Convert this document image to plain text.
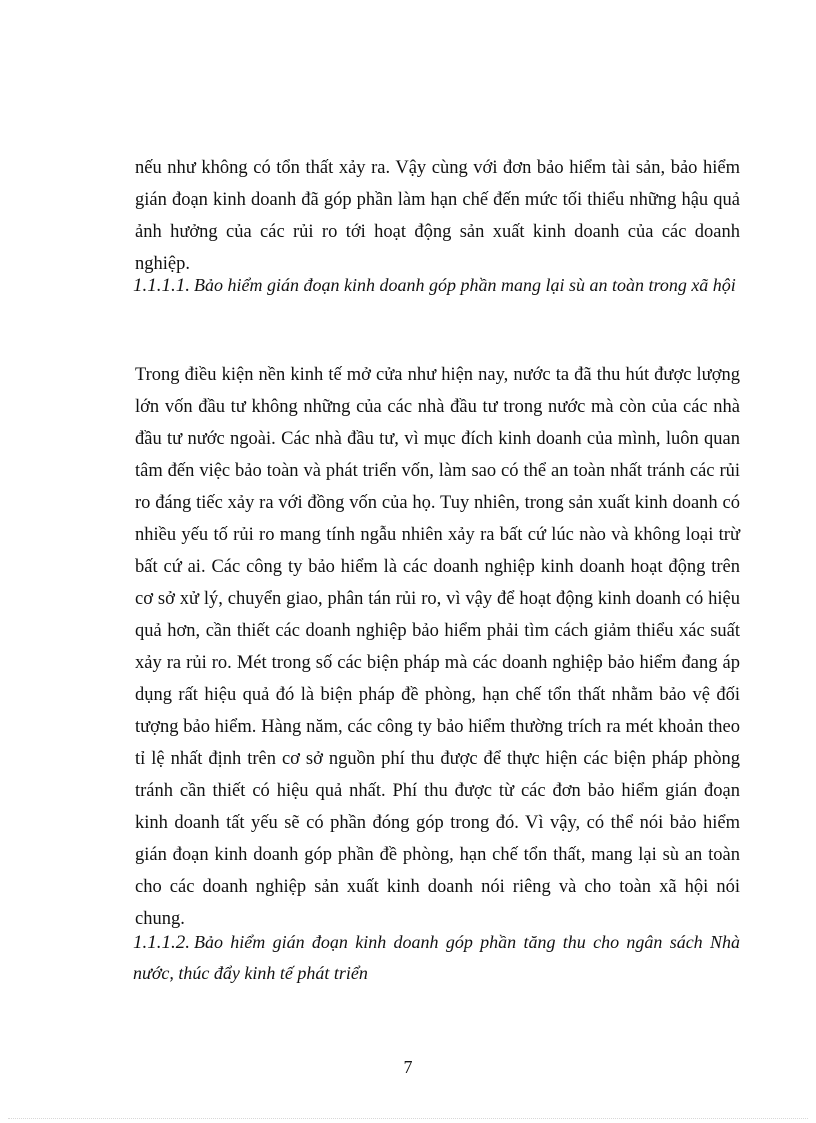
nếu như không có tổn thất xảy ra. Vậy cùng với đơn bảo hiểm tài sản, bảo hiểm gián đoạn kinh doanh đã góp phần làm hạn chế đến mức tối thiểu những hậu quả ảnh hưởng của các rủi ro tới hoạt động sản xuất kinh doanh của các doanh nghiệp.

1.1.1.1. Bảo hiểm gián đoạn kinh doanh góp phần mang lại sù an toàn trong xã hội

Trong điều kiện nền kinh tế mở cửa như hiện nay, nước ta đã thu hút được lượng lớn vốn đầu tư không những của các nhà đầu tư trong nước mà còn của các nhà đầu tư nước ngoài. Các nhà đầu tư, vì mục đích kinh doanh của mình, luôn quan tâm đến việc bảo toàn và phát triển vốn, làm sao có thể an toàn nhất tránh các rủi ro đáng tiếc xảy ra với đồng vốn của họ. Tuy nhiên, trong sản xuất kinh doanh có nhiều yếu tố rủi ro mang tính ngẫu nhiên xảy ra bất cứ lúc nào và không loại trừ bất cứ ai. Các công ty bảo hiểm là các doanh nghiệp kinh doanh hoạt động trên cơ sở xử lý, chuyển giao, phân tán rủi ro, vì vậy để hoạt động kinh doanh có hiệu quả hơn, cần thiết các doanh nghiệp bảo hiểm phải tìm cách giảm thiểu xác suất xảy ra rủi ro. Mét trong số các biện pháp mà các doanh nghiệp bảo hiểm đang áp dụng rất hiệu quả đó là biện pháp đề phòng, hạn chế tổn thất nhằm bảo vệ đối tượng bảo hiểm. Hàng năm, các công ty bảo hiểm thường trích ra mét khoản theo tỉ lệ nhất định trên cơ sở nguồn phí thu được để thực hiện các biện pháp phòng tránh cần thiết có hiệu quả nhất. Phí thu được từ các đơn bảo hiểm gián đoạn kinh doanh tất yếu sẽ có phần đóng góp trong đó. Vì vậy, có thể nói bảo hiểm gián đoạn kinh doanh góp phần đề phòng, hạn chế tổn thất, mang lại sù an toàn cho các doanh nghiệp sản xuất kinh doanh nói riêng và cho toàn xã hội nói chung.

1.1.1.2. Bảo hiểm gián đoạn kinh doanh góp phần tăng thu cho ngân sách Nhà nước, thúc đẩy kinh tế phát triển
7
